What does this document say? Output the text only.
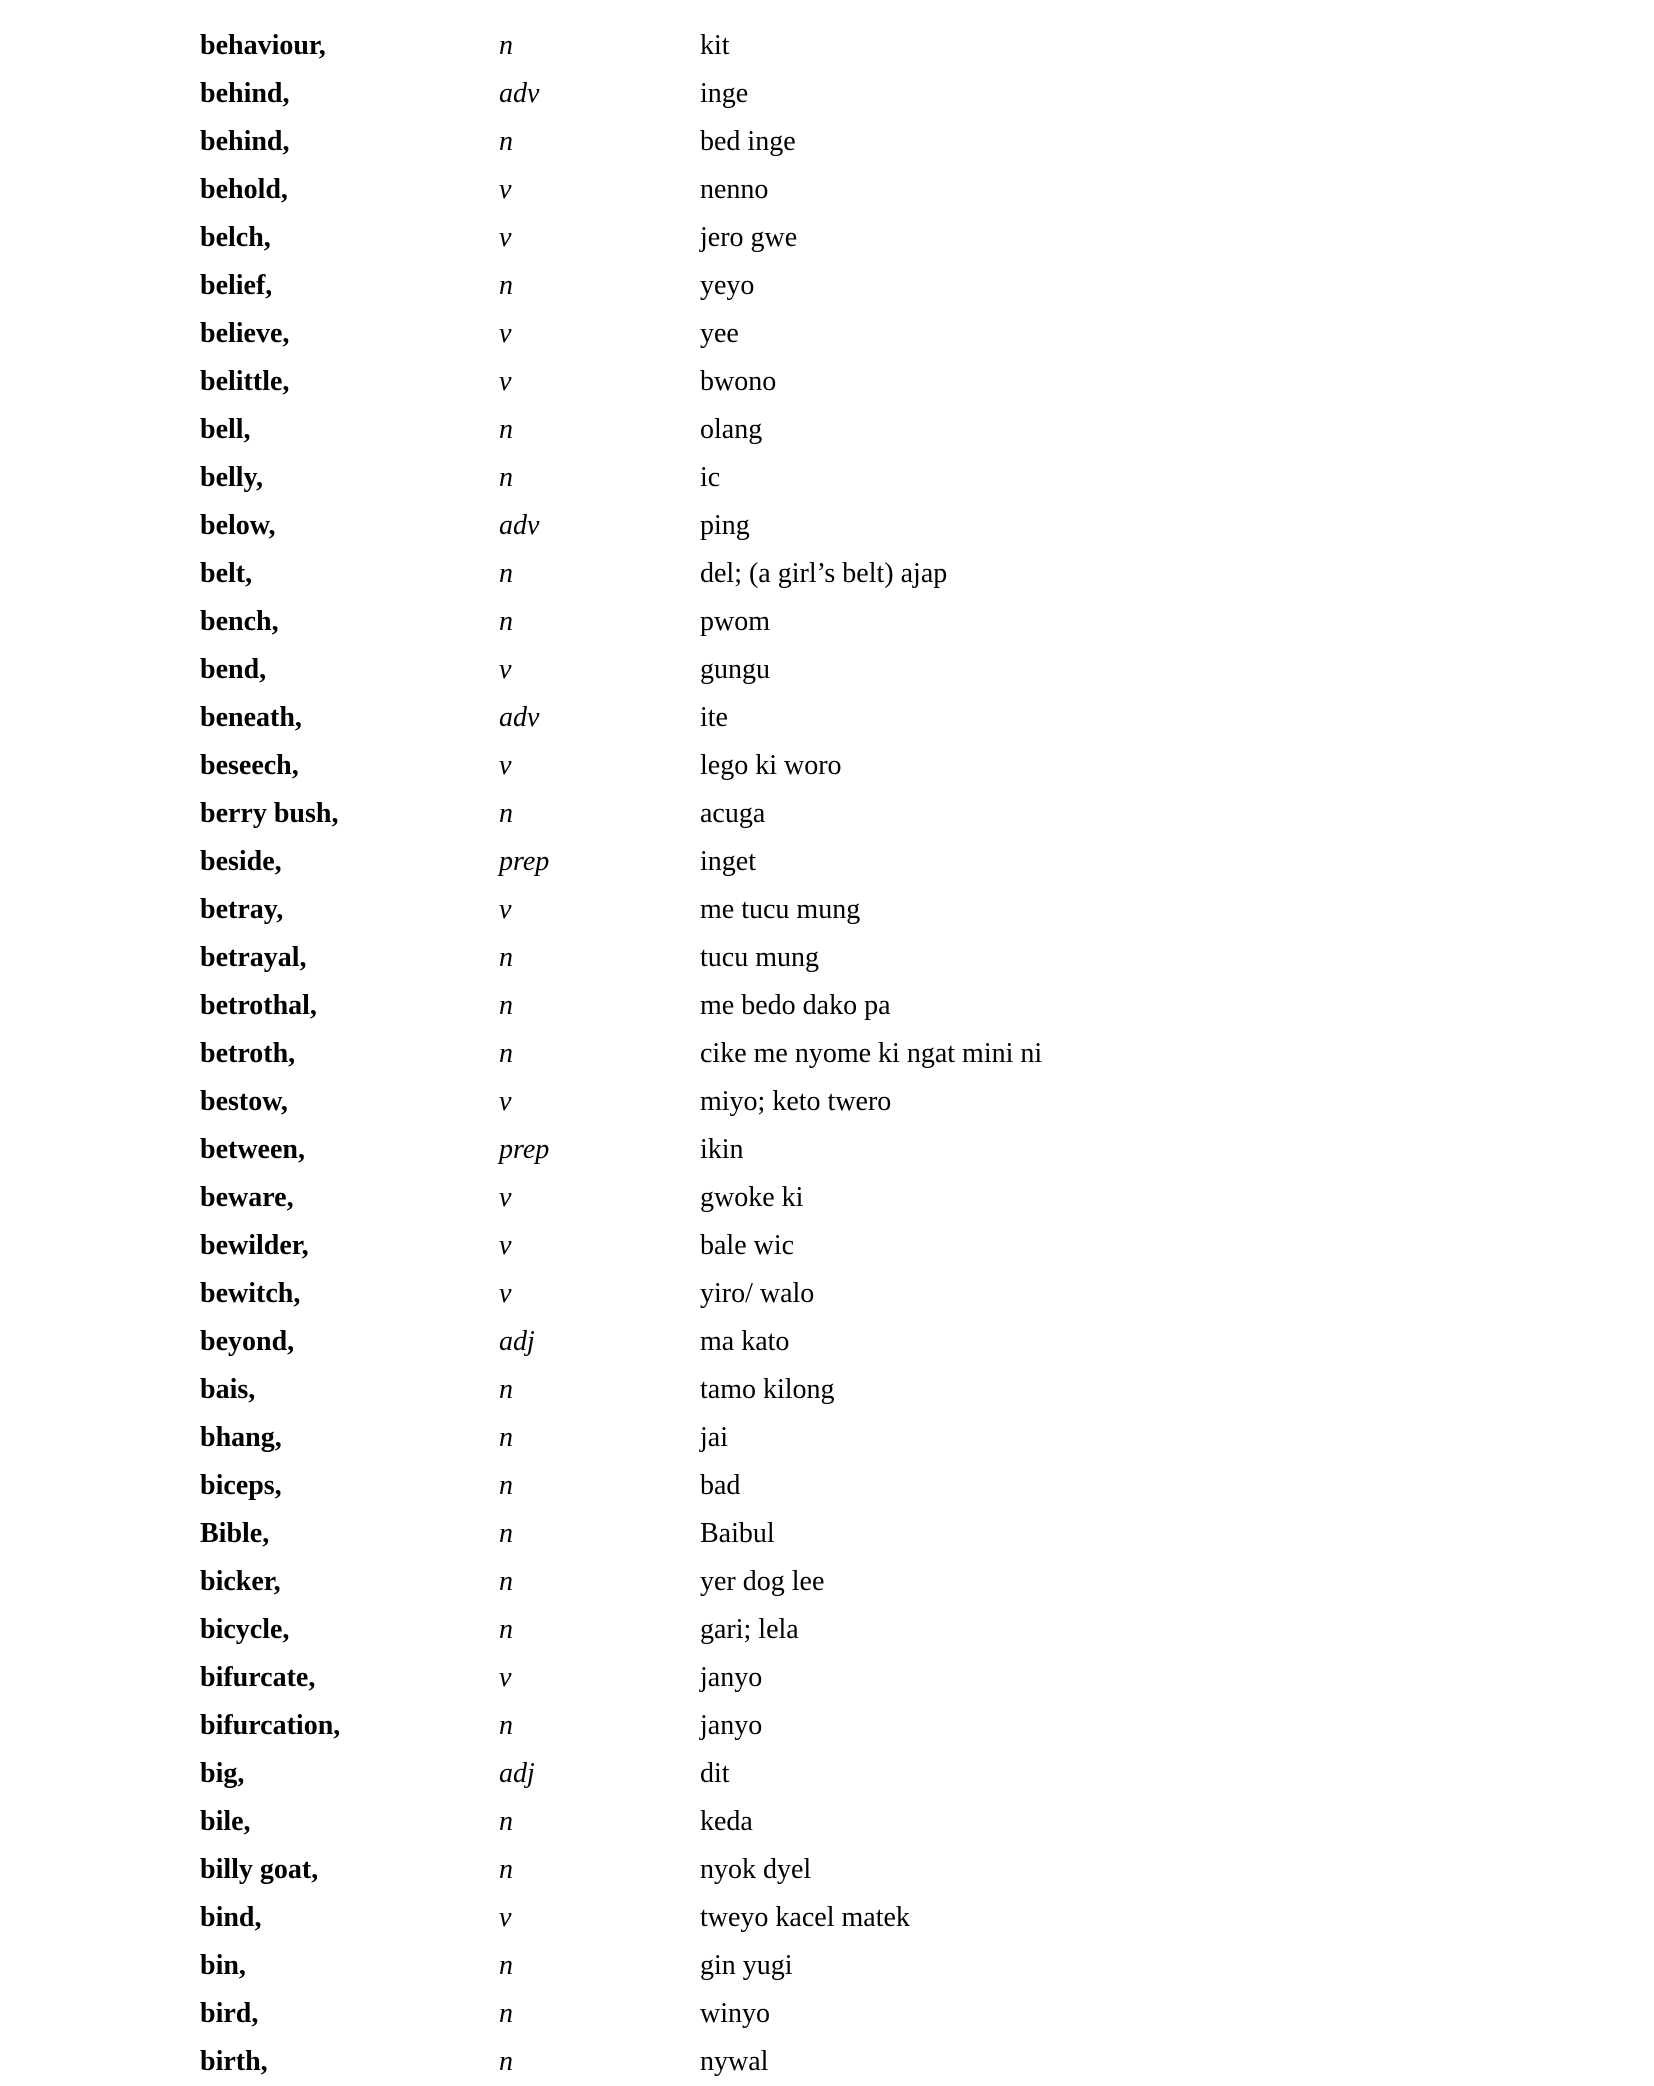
behaviour,	n	kit
behind,	adv	inge
behind,	n	bed inge
behold,	v	nenno
belch,	v	jero gwe
belief,	n	yeyo
believe,	v	yee
belittle,	v	bwono
bell,	n	olang
belly,	n	ic
below,	adv	ping
belt,	n	del; (a girl’s belt) ajap
bench,	n	pwom
bend,	v	gungu
beneath,	adv	ite
beseech,	v	lego ki woro
berry bush,	n	acuga
beside,	prep	inget
betray,	v	me tucu mung
betrayal,	n	tucu mung
betrothal,	n	me bedo dako pa
betroth,	n	cike me nyome ki ngat mini ni
bestow,	v	miyo; keto twero
between,	prep	ikin
beware,	v	gwoke ki
bewilder,	v	bale wic
bewitch,	v	yiro/ walo
beyond,	adj	ma kato
bais,	n	tamo kilong
bhang,	n	jai
biceps,	n	bad
Bible,	n	Baibul
bicker,	n	yer dog lee
bicycle,	n	gari; lela
bifurcate,	v	janyo
bifurcation,	n	janyo
big,	adj	dit
bile,	n	keda
billy goat,	n	nyok dyel
bind,	v	tweyo kacel matek
bin,	n	gin yugi
bird,	n	winyo
birth,	n	nywal
